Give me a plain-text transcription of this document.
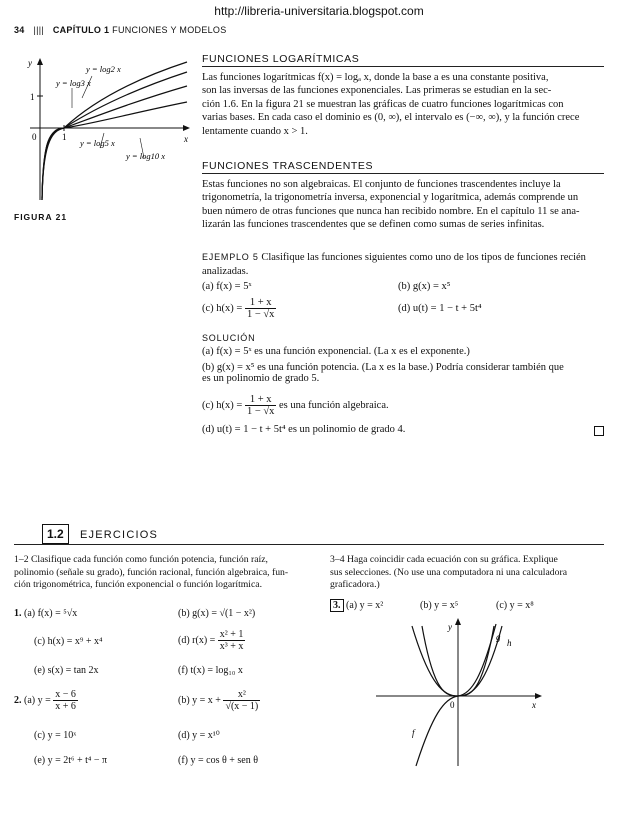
http://libreria-universitaria.blogspot.com
34 |||| CAPÍTULO 1 FUNCIONES Y MODELOS
y
x
0	1
1
y = log2 x
y = log3 x
y = log5 x
y = log10 x
FIGURA 21
FUNCIONES LOGARÍTMICAS
Las funciones logarítmicas f(x) = logₐ x, donde la base a es una constante positiva,
son las inversas de las funciones exponenciales. Las primeras se estudian en la sec-
ción 1.6. En la figura 21 se muestran las gráficas de cuatro funciones logarítmicas con
varias bases. En cada caso el dominio es (0, ∞), el intervalo es (−∞, ∞), y la función crece
lentamente cuando x > 1.
FUNCIONES TRASCENDENTES
Estas funciones no son algebraicas. El conjunto de funciones trascendentes incluye la
trigonometría, la trigonometría inversa, exponencial y logarítmica, además comprende un
buen número de otras funciones que nunca han recibido nombre. En el capítulo 11 se ana-
lizarán las funciones trascendentes que se definen como sumas de series infinitas.
EJEMPLO 5 Clasifique las funciones siguientes como uno de los tipos de funciones recién
analizadas.
(a) f(x) = 5ˣ	(b) g(x) = x⁵
(c) $h(x) = \frac{1 + x}{1 - √x}$	(d) u(t) = 1 − t + 5t⁴
SOLUCIÓN
(a) f(x) = 5ˣ es una función exponencial. (La x es el exponente.)
(b) g(x) = x⁵ es una función potencia. (La x es la base.) Podría considerar también que
es un polinomio de grado 5.
(c) $h(x) = \frac{1 + x}{1 - √x}$ es una función algebraica.
(d) u(t) = 1 − t + 5t⁴ es un polinomio de grado 4.
1.2	EJERCICIOS
1–2 Clasifique cada función como función potencia, función raíz,
polinomio (señale su grado), función racional, función algebraica, fun-
ción trigonométrica, función exponencial o función logarítmica.
3–4 Haga coincidir cada ecuación con su gráfica. Explique
sus selecciones. (No use una computadora ni una calculadora
graficadora.)
1. (a) f(x) = ⁵√x	(b) g(x) = √(1 − x²)
(c) h(x) = x⁹ + x⁴	(d) $r(x) = \frac{\text{x² + 1}}{\text{x³ + x}}$
(e) s(x) = tan 2x	(f) t(x) = log₁₀ x
2. (a) $y = \frac{x - 6}{x + 6}$	(b) $y = x + \frac{\text{x²}}{√(x - 1)}$
(c) y = 10ˣ	(d) y = x¹⁰
(e) y = 2t⁶ + t⁴ − π	(f) y = cos θ + sen θ
3. (a) y = x²	(b) y = x⁵	(c) y = x⁸
y
x
0
g
h
f
